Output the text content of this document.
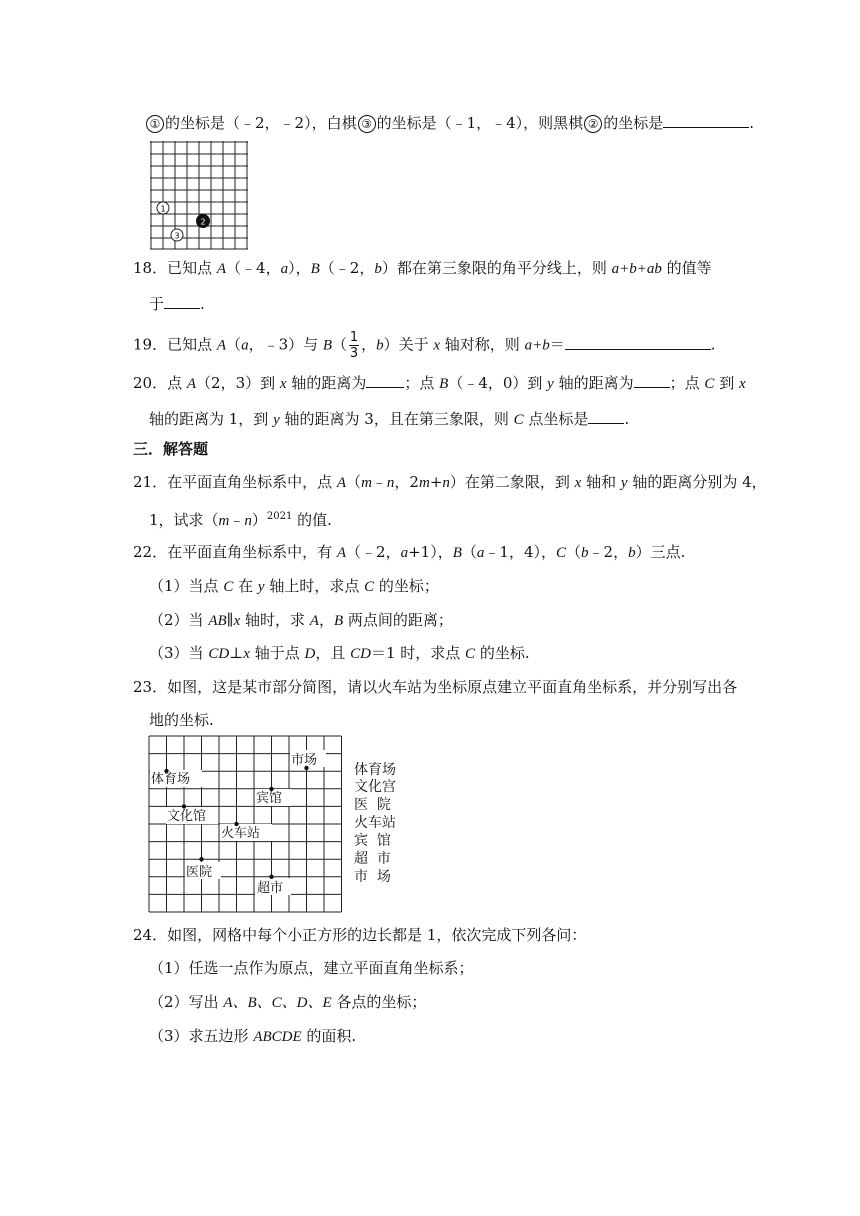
① 的坐标是（﹣2，﹣2），白棋 ③ 的坐标是（﹣1，﹣4），则黑棋 ② 的坐标是	.
1
3
2
18．已知点 A（﹣4，a），B（﹣2，b）都在第三象限的角平分线上，则 a+b+ab 的值等
于 .
19．已知点 A（a，﹣3）与 $B( \frac{1}{3}$ ，b）关于 x 轴对称，则 a+b＝	.
20．点 A（2，3）到 x 轴的距离为	；点 B（﹣4，0）到 y 轴的距离为 ；点 C 到 x
轴的距离为 1，到 y 轴的距离为 3，且在第三象限，则 C 点坐标是 .
三．解答题
21．在平面直角坐标系中，点 A（m﹣n，2m+n）在第二象限，到 x 轴和 y 轴的距离分别为 4，
1，试求（m﹣n）$^{2021}$ 的值.
22．在平面直角坐标系中，有 A（﹣2，a+1），B（a﹣1，4），C（b﹣2，b）三点.
（1）当点 C 在 y 轴上时，求点 C 的坐标；
（2）当 AB∥x 轴时，求 A，B 两点间的距离；
（3）当 CD⊥x 轴于点 D，且 CD＝1 时，求点 C 的坐标.
23．如图，这是某市部分简图，请以火车站为坐标原点建立平面直角坐标系，并分别写出各
地的坐标.
市场
体育场
宾馆
文化馆
火车站
医院
超市
体育场
文化宫
医  院
火车站
宾  馆
超  市
市  场
24．如图，网格中每个小正方形的边长都是 1，依次完成下列各问：
（1）任选一点作为原点，建立平面直角坐标系；
（2）写出 A、B、C、D、E 各点的坐标；
（3）求五边形 ABCDE 的面积.
